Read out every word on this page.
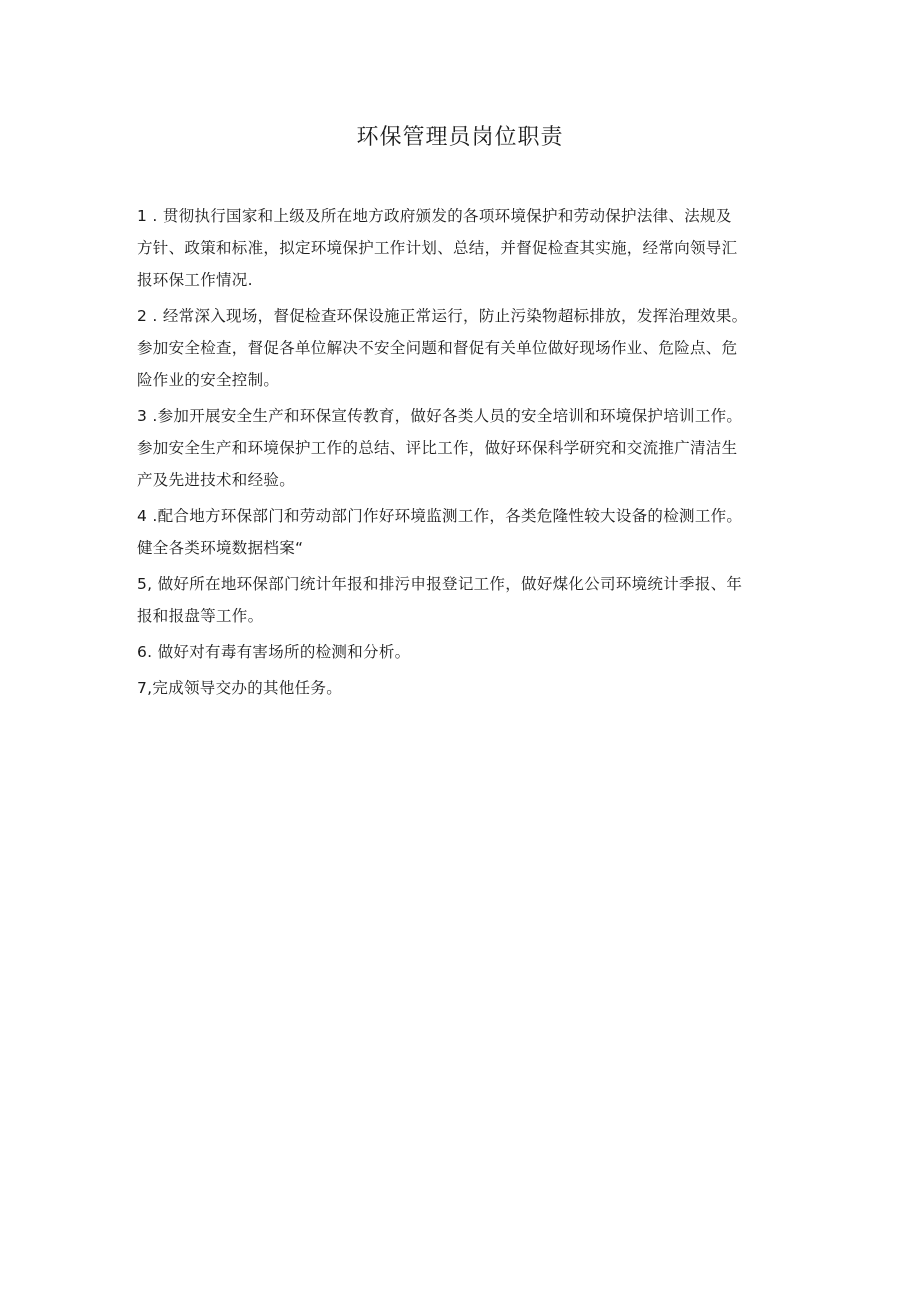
环保管理员岗位职责
1 . 贯彻执行国家和上级及所在地方政府颁发的各项环境保护和劳动保护法律、法规及
方针、政策和标准，拟定环境保护工作计划、总结，并督促检查其实施，经常向领导汇
报环保工作情况.
2 . 经常深入现场，督促检查环保设施正常运行，防止污染物超标排放，发挥治理效果。
参加安全检查，督促各单位解决不安全问题和督促有关单位做好现场作业、危险点、危
险作业的安全控制。
3 .参加开展安全生产和环保宣传教育，做好各类人员的安全培训和环境保护培训工作。
参加安全生产和环境保护工作的总结、评比工作，做好环保科学研究和交流推广清洁生
产及先进技术和经验。
4 .配合地方环保部门和劳动部门作好环境监测工作，各类危隆性较大设备的检测工作。
健全各类环境数据档案“
5, 做好所在地环保部门统计年报和排污申报登记工作，做好煤化公司环境统计季报、年
报和报盘等工作。
6. 做好对有毒有害场所的检测和分析。
7,完成领导交办的其他任务。
